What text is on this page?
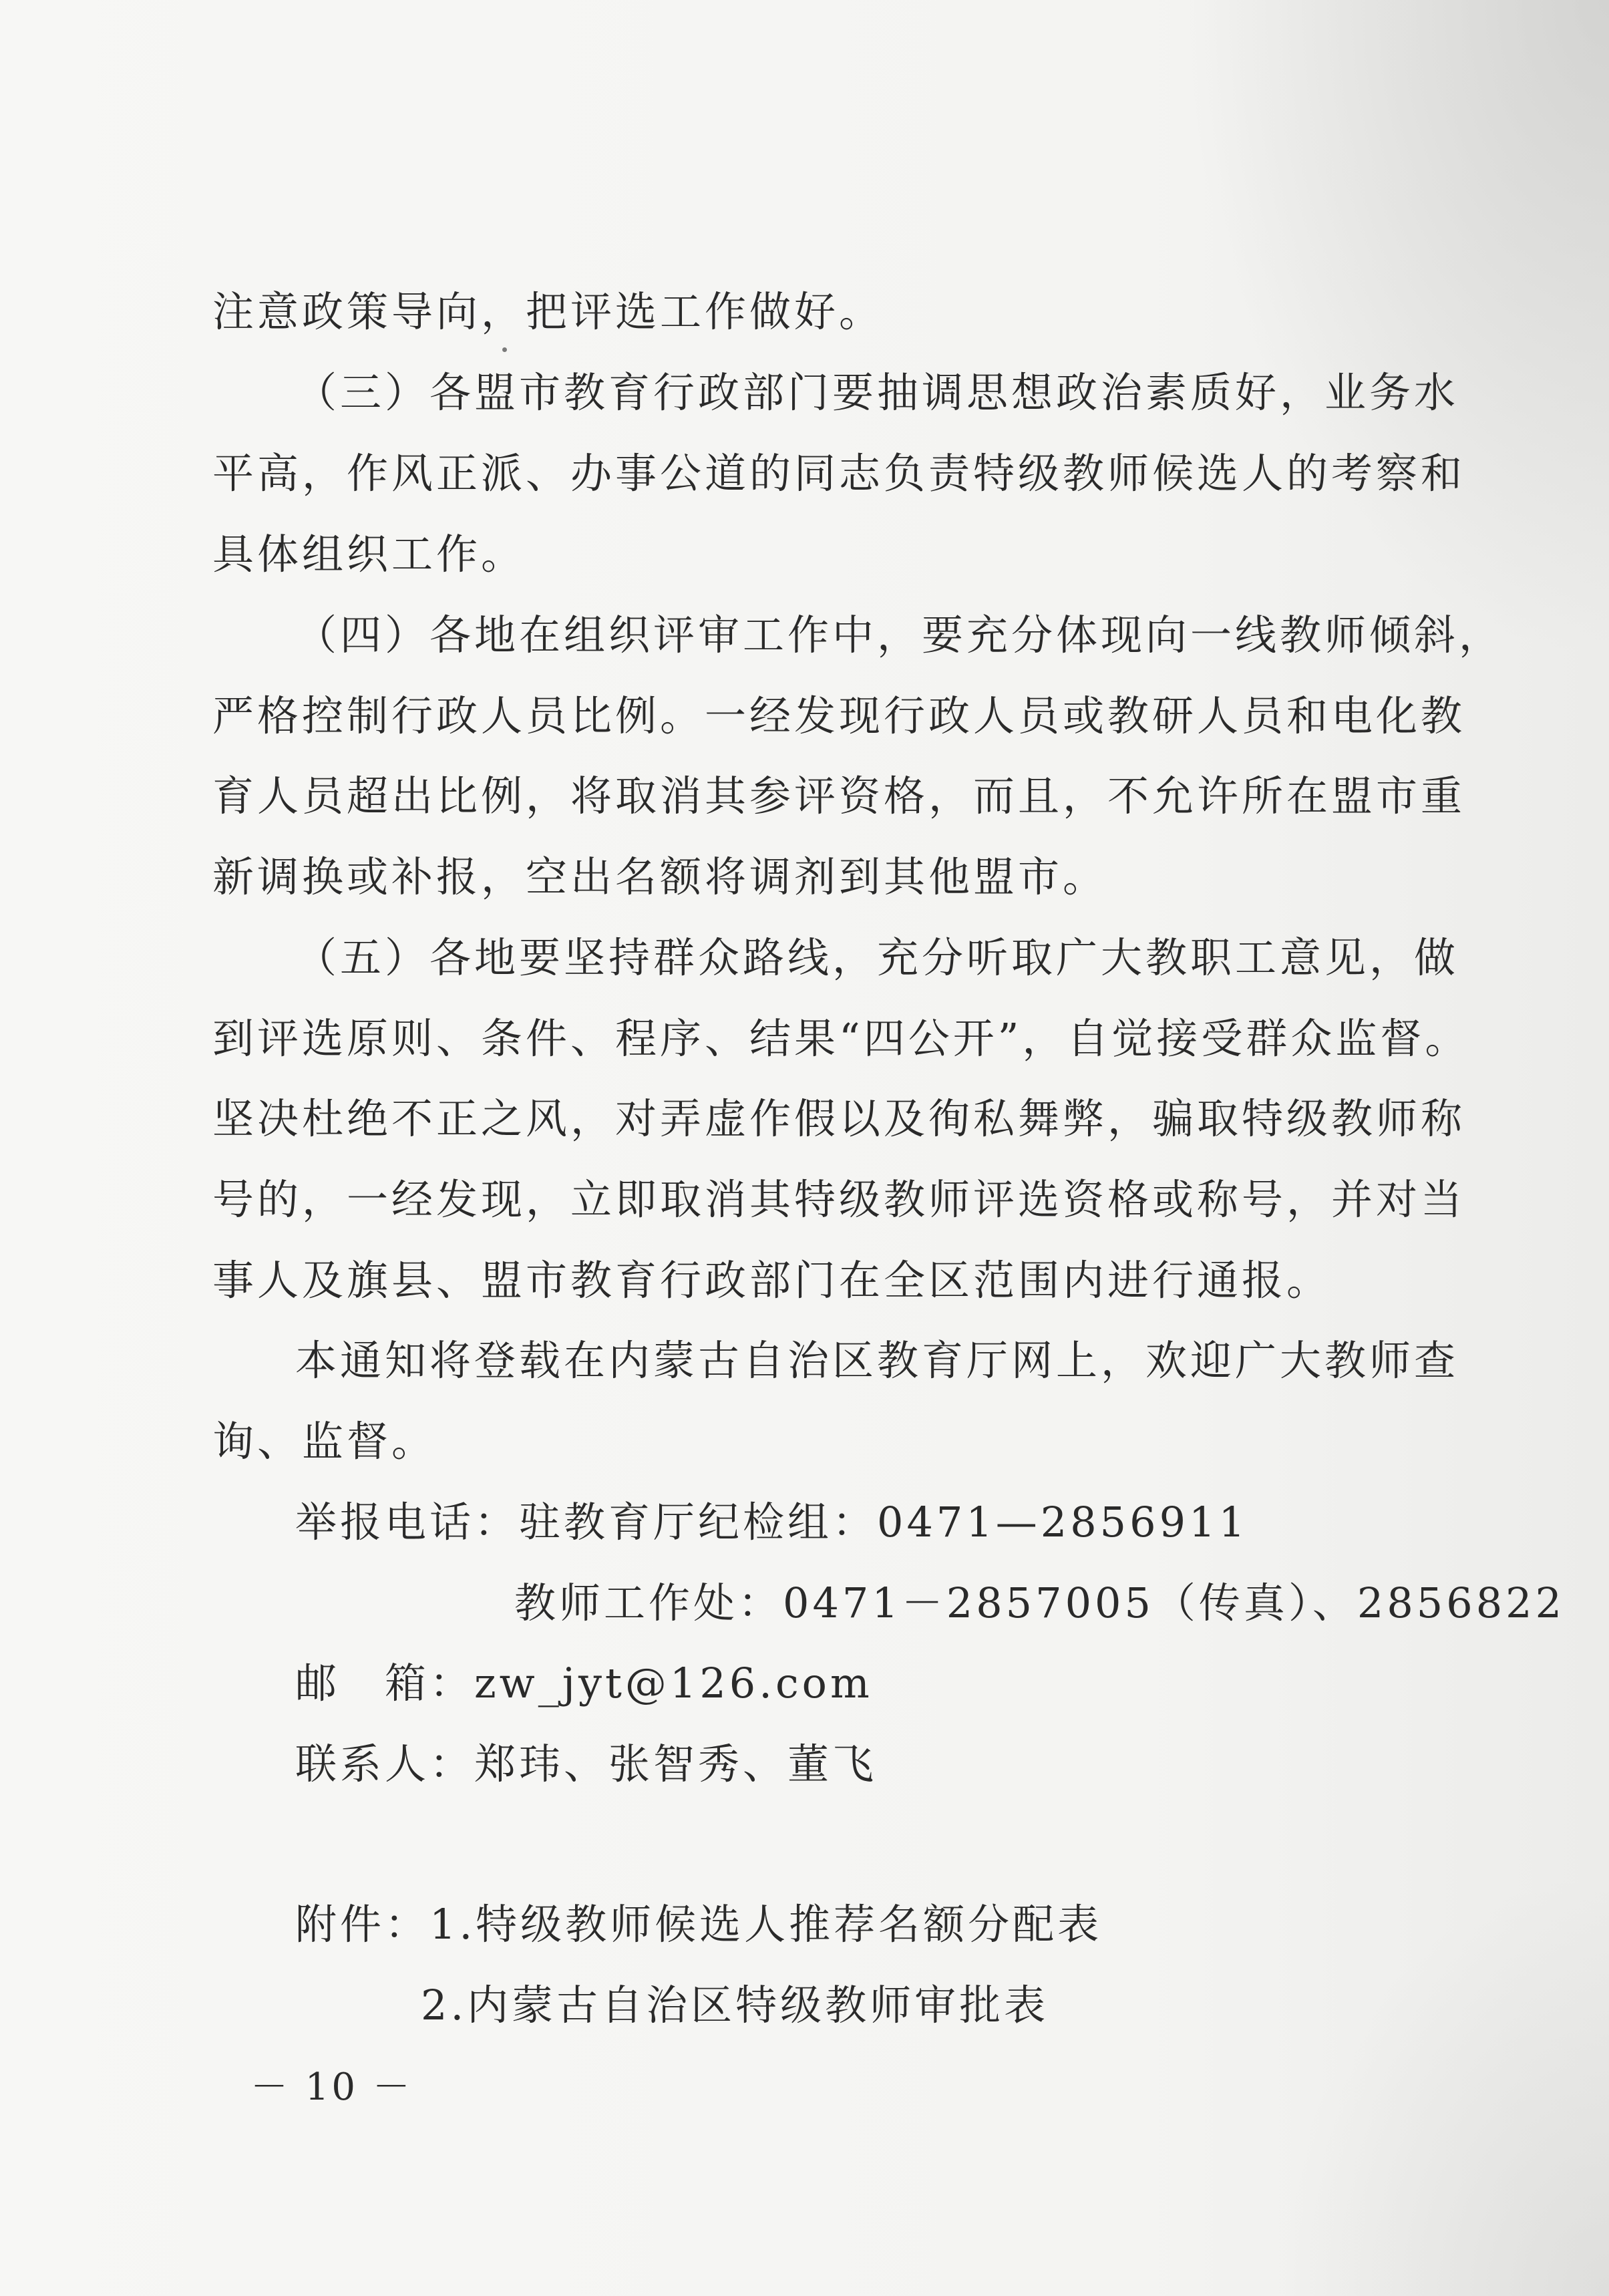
注意政策导向，把评选工作做好。

（三）各盟市教育行政部门要抽调思想政治素质好，业务水

平高，作风正派、办事公道的同志负责特级教师候选人的考察和

具体组织工作。

（四）各地在组织评审工作中，要充分体现向一线教师倾斜，

严格控制行政人员比例。一经发现行政人员或教研人员和电化教

育人员超出比例，将取消其参评资格，而且，不允许所在盟市重

新调换或补报，空出名额将调剂到其他盟市。

（五）各地要坚持群众路线，充分听取广大教职工意见，做

到评选原则、条件、程序、结果“四公开”，自觉接受群众监督。

坚决杜绝不正之风，对弄虚作假以及徇私舞弊，骗取特级教师称

号的，一经发现，立即取消其特级教师评选资格或称号，并对当

事人及旗县、盟市教育行政部门在全区范围内进行通报。

本通知将登载在内蒙古自治区教育厅网上，欢迎广大教师查

询、监督。

举报电话：驻教育厅纪检组：0471—2856911

教师工作处：0471－2857005（传真）、2856822

邮　箱：zw_jyt@126.com

联系人：郑玮、张智秀、董飞

附件：1.特级教师候选人推荐名额分配表

2.内蒙古自治区特级教师审批表

－ 10 －
